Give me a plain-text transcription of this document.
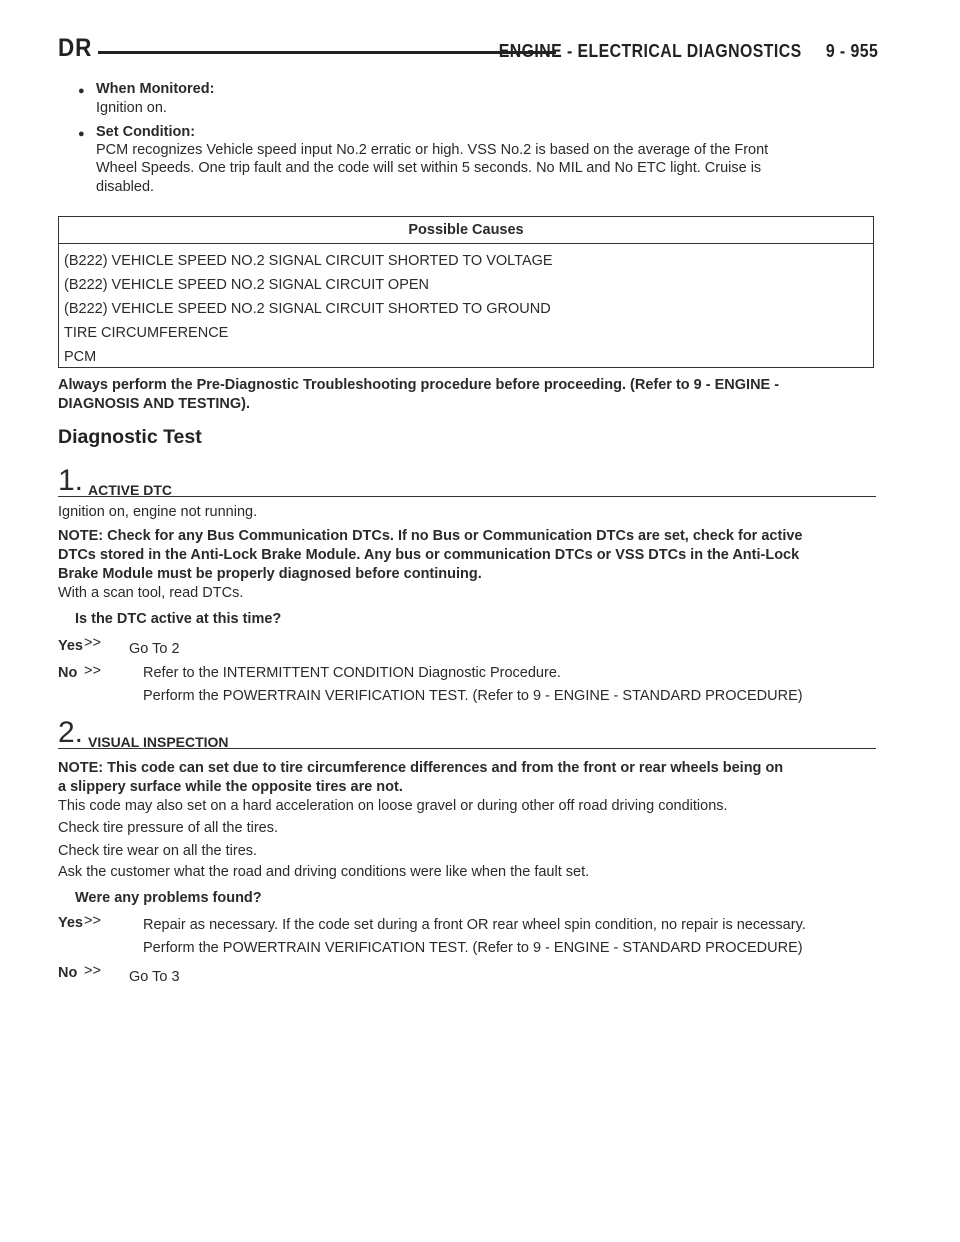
DR	ENGINE - ELECTRICAL DIAGNOSTICS     9 - 955
● When Monitored:
Ignition on.
● Set Condition:
PCM recognizes Vehicle speed input No.2 erratic or high. VSS No.2 is based on the average of the Front
Wheel Speeds. One trip fault and the code will set within 5 seconds. No MIL and No ETC light. Cruise is
disabled.
Possible Causes
(B222) VEHICLE SPEED NO.2 SIGNAL CIRCUIT SHORTED TO VOLTAGE
(B222) VEHICLE SPEED NO.2 SIGNAL CIRCUIT OPEN
(B222) VEHICLE SPEED NO.2 SIGNAL CIRCUIT SHORTED TO GROUND
TIRE CIRCUMFERENCE
PCM
Always perform the Pre-Diagnostic Troubleshooting procedure before proceeding. (Refer to 9 - ENGINE -
DIAGNOSIS AND TESTING).
Diagnostic Test
1. ACTIVE DTC
Ignition on, engine not running.
NOTE: Check for any Bus Communication DTCs. If no Bus or Communication DTCs are set, check for active
DTCs stored in the Anti-Lock Brake Module. Any bus or communication DTCs or VSS DTCs in the Anti-Lock
Brake Module must be properly diagnosed before continuing.
With a scan tool, read DTCs.
Is the DTC active at this time?
Yes >> Go To 2
No >>	Refer to the INTERMITTENT CONDITION Diagnostic Procedure.
Perform the POWERTRAIN VERIFICATION TEST. (Refer to 9 - ENGINE - STANDARD PROCEDURE)
2. VISUAL INSPECTION
NOTE: This code can set due to tire circumference differences and from the front or rear wheels being on
a slippery surface while the opposite tires are not.
This code may also set on a hard acceleration on loose gravel or during other off road driving conditions.
Check tire pressure of all the tires.
Check tire wear on all the tires.
Ask the customer what the road and driving conditions were like when the fault set.
Were any problems found?
Yes >>	Repair as necessary. If the code set during a front OR rear wheel spin condition, no repair is necessary.
Perform the POWERTRAIN VERIFICATION TEST. (Refer to 9 - ENGINE - STANDARD PROCEDURE)
No >> Go To 3
